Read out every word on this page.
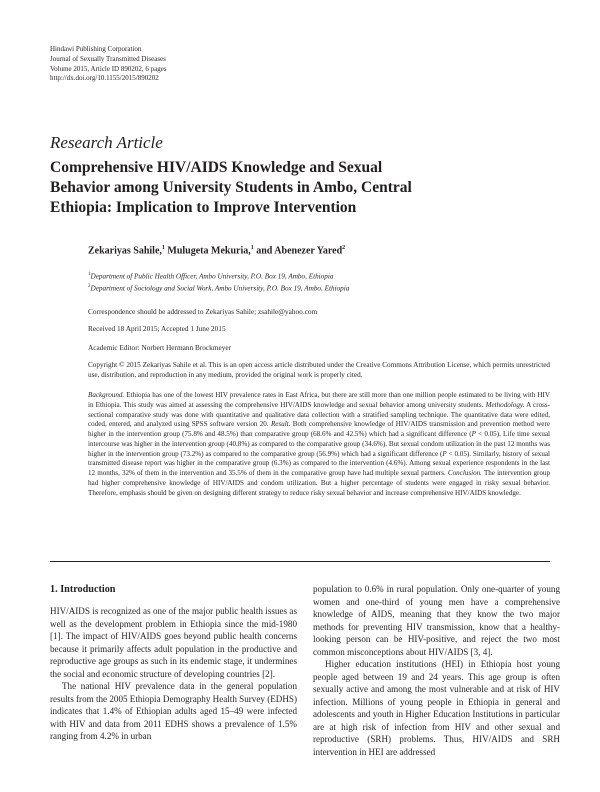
Hindawi Publishing Corporation
Journal of Sexually Transmitted Diseases
Volume 2015, Article ID 890202, 6 pages
http://dx.doi.org/10.1155/2015/890202
Research Article
Comprehensive HIV/AIDS Knowledge and Sexual
Behavior among University Students in Ambo, Central
Ethiopia: Implication to Improve Intervention
Zekariyas Sahile,$^1$ Mulugeta Mekuria,$^1$ and Abenezer Yared$^2$
$^1$Department of Public Health Officer, Ambo University, P.O. Box 19, Ambo, Ethiopia
$^2$Department of Sociology and Social Work, Ambo University, P.O. Box 19, Ambo, Ethiopia
Correspondence should be addressed to Zekariyas Sahile; zsahile@yahoo.com
Received 18 April 2015; Accepted 1 June 2015
Academic Editor: Norbert Hermann Brockmeyer
Copyright © 2015 Zekariyas Sahile et al. This is an open access article distributed under the Creative Commons Attribution License, which permits unrestricted use, distribution, and reproduction in any medium, provided the original work is properly cited.
Background. Ethiopia has one of the lowest HIV prevalence rates in East Africa, but there are still more than one million people estimated to be living with HIV in Ethiopia. This study was aimed at assessing the comprehensive HIV/AIDS knowledge and sexual behavior among university students. Methodology. A cross-sectional comparative study was done with quantitative and qualitative data collection with a stratified sampling technique. The quantitative data were edited, coded, entered, and analyzed using SPSS software version 20. Result. Both comprehensive knowledge of HIV/AIDS transmission and prevention method were higher in the intervention group (75.8% and 48.5%) than comparative group (68.6% and 42.5%) which had a significant difference (P < 0.05). Life time sexual intercourse was higher in the intervention group (40.8%) as compared to the comparative group (34.6%). But sexual condom utilization in the past 12 months was higher in the intervention group (73.2%) as compared to the comparative group (56.9%) which had a significant difference (P < 0.05). Similarly, history of sexual transmitted disease report was higher in the comparative group (6.3%) as compared to the intervention (4.6%). Among sexual experience respondents in the last 12 months, 32% of them in the intervention and 35.5% of them in the comparative group have had multiple sexual partners. Conclusion. The intervention group had higher comprehensive knowledge of HIV/AIDS and condom utilization. But a higher percentage of students were engaged in risky sexual behavior. Therefore, emphasis should be given on designing different strategy to reduce risky sexual behavior and increase comprehensive HIV/AIDS knowledge.

1. Introduction

HIV/AIDS is recognized as one of the major public health issues as well as the development problem in Ethiopia since the mid-1980 [1]. The impact of HIV/AIDS goes beyond public health concerns because it primarily affects adult population in the productive and reproductive age groups as such in its endemic stage, it undermines the social and economic structure of developing countries [2].

The national HIV prevalence data in the general population results from the 2005 Ethiopia Demography Health Survey (EDHS) indicates that 1.4% of Ethiopian adults aged 15–49 were infected with HIV and data from 2011 EDHS shows a prevalence of 1.5% ranging from 4.2% in urban

population to 0.6% in rural population. Only one-quarter of young women and one-third of young men have a comprehensive knowledge of AIDS, meaning that they know the two major methods for preventing HIV transmission, know that a healthy-looking person can be HIV-positive, and reject the two most common misconceptions about HIV/AIDS [3, 4].

Higher education institutions (HEI) in Ethiopia host young people aged between 19 and 24 years. This age group is often sexually active and among the most vulnerable and at risk of HIV infection. Millions of young people in Ethiopia in general and adolescents and youth in Higher Education Institutions in particular are at high risk of infection from HIV and other sexual and reproductive (SRH) problems. Thus, HIV/AIDS and SRH intervention in HEI are addressed
